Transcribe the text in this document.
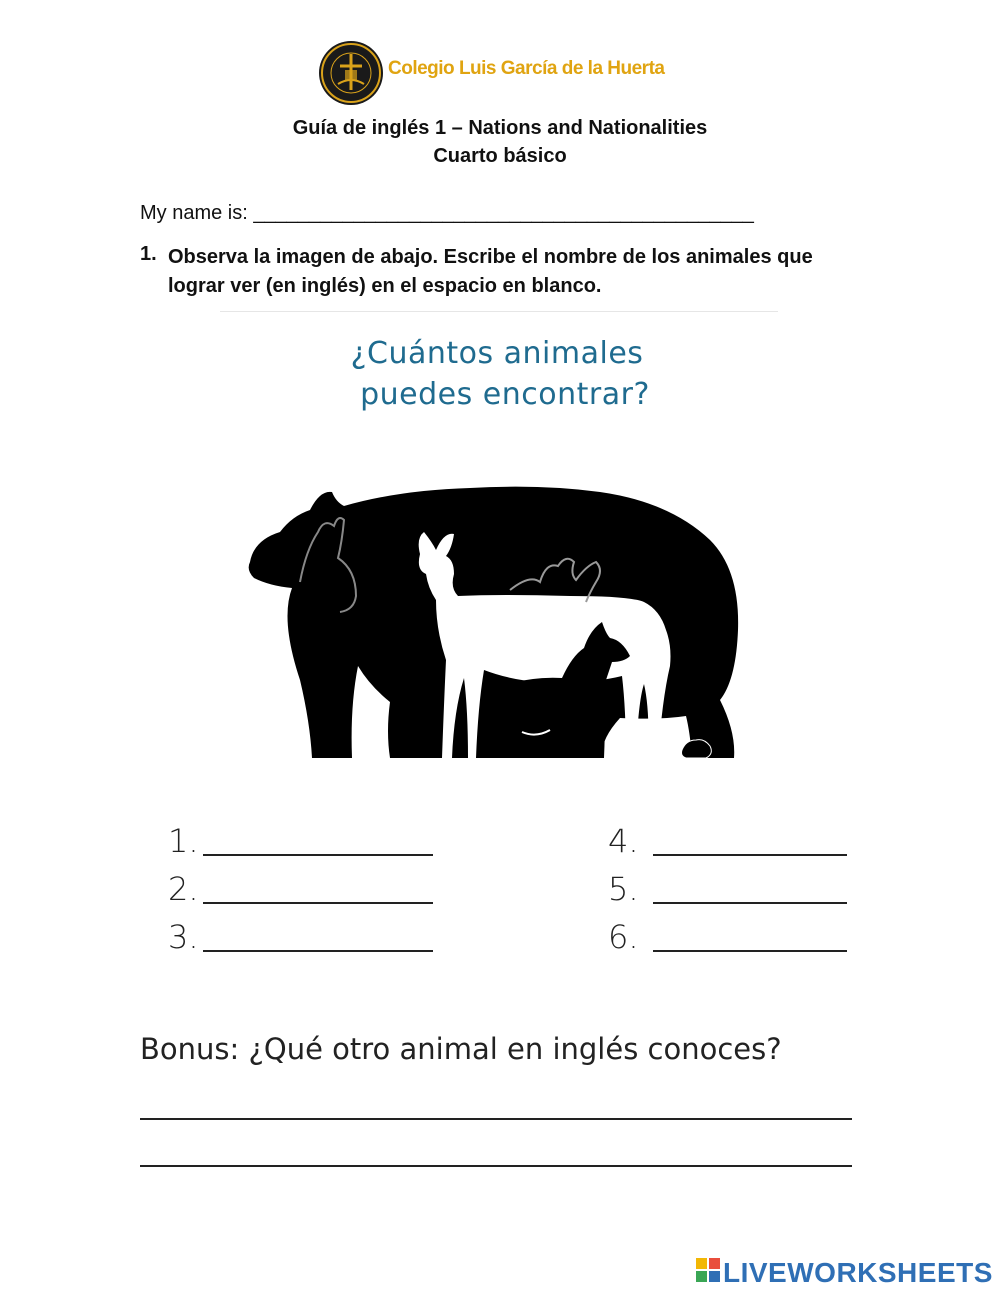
Colegio Luis García de la Huerta
Guía de inglés 1 – Nations and Nationalities
Cuarto básico
My name is: _____________________________________________
1. Observa la imagen de abajo. Escribe el nombre de los animales que lograr ver (en inglés) en el espacio en blanco.
¿Cuántos animales
puedes encontrar?
1.
2.
3.
4.
5.
6.
Bonus: ¿Qué otro animal en inglés conoces?
LIVEWORKSHEETS
